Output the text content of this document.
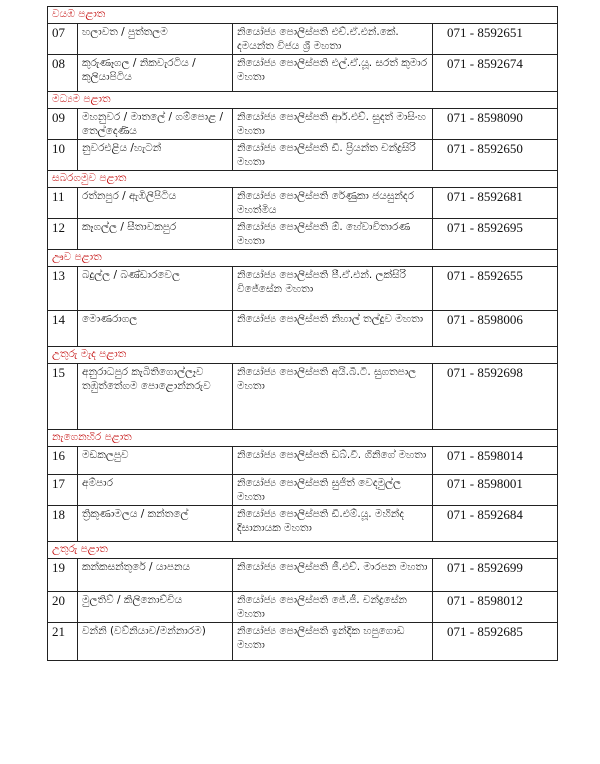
වයඹ පළාත			
07	හලාවත / පුත්තලම	නියෝජ්‍ය පොලිස්පති එච්.ඒ.එන්.කේ. දමයන්ත විජය ශ්‍රී මහතා	071 - 8592651
08	කුරුණෑගල / නිකවැරටිය / කුලියාපිටිය	නියෝජ්‍ය පොලිස්පති එල්.ඒ.යූ. සරත් කුමාර මහතා	071 - 8592674
මධ්‍යම පළාත			
09	මහනුවර / මාතලේ / ගම්පොළ / තෙල්දෙණිය	නියෝජ්‍ය පොලිස්පති ආර්.එච්. සුදත් මාසිංහ මහතා	071 - 8598090
10	නුවරඑළිය /හැටන්	නියෝජ්‍ය පොලිස්පති ඩී. ප්‍රියන්ත චන්ද්‍රසිරි මහතා	071 - 8592650
සබරගමුව පළාත			
11	රත්නපුර / ඇඹිලිපිටිය	නියෝජ්‍ය පොලිස්පති රේණුකා ජයසුන්දර මහත්මිය	071 - 8592681
12	කෑගල්ල / සීතාවකපුර	නියෝජ්‍ය පොලිස්පති ඕ. හේවාවිතාරණ මහතා	071 - 8592695
ඌව පළාත			
13	බදුල්ල / බණ්ඩාරවෙල	නියෝජ්‍ය පොලිස්පති පී.ඒ.එන්. ලක්සිරි විජේසේන මහතා	071 - 8592655
14	මොණරාගල	නියෝජ්‍ය පොලිස්පති නිහාල් තල්දුව මහතා	071 - 8598006
උතුරු මැද පළාත			
15	අනුරාධපුර කැබිතිගොල්ලෑව තඹුත්තේගම පොළොන්නරුව	නියෝජ්‍ය පොලිස්පති අයි.බී.ටී. සුගතපාල මහතා	071 - 8592698
නැගෙනහිර පළාත			
16	මඩකලපුව	නියෝජ්‍ය පොලිස්පති ඩබ්.වී. ගිනිගේ මහතා	071 - 8598014
17	අම්පාර	නියෝජ්‍ය පොලිස්පති සුජිත් වෙදමුල්ල මහතා	071 - 8598001
18	ත්‍රිකුණාමලය / කන්තලේ	නියෝජ්‍ය පොලිස්පති ඩී.එම්.යූ. මහින්ද දිසානායක මහතා	071 - 8592684
උතුරු පළාත			
19	කන්කසන්තුරේ / යාපනය	නියෝජ්‍ය පොලිස්පති ජී.එච්. මාරපන මහතා	071 - 8592699
20	මුලතිව් / කිලිනොච්චිය	නියෝජ්‍ය පොලිස්පති ජේ.ජී. චන්ද්‍රසේන මහතා	071 - 8598012
21	වන්නි (වව්නියාව/මන්නාරම)	නියෝජ්‍ය පොලිස්පති ඉන්දික හපුගොඩ මහතා	071 - 8592685
